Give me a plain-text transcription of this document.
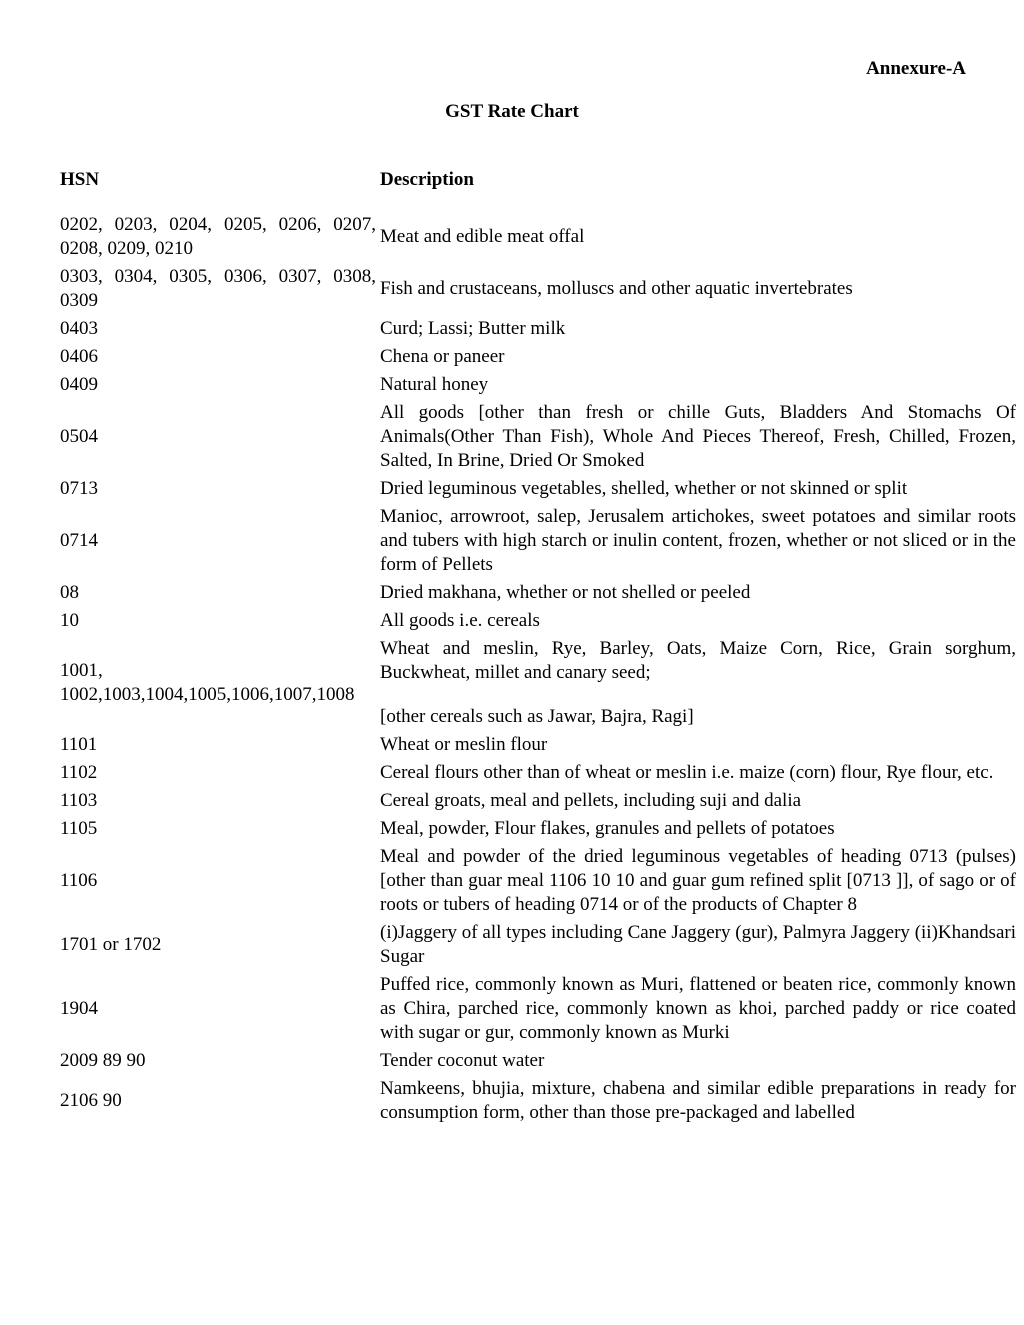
Annexure-A
GST Rate Chart
HSN	Description
0202, 0203, 0204, 0205, 0206, 0207, 0208, 0209, 0210	Meat and edible meat offal
0303, 0304, 0305, 0306, 0307, 0308, 0309	Fish and crustaceans, molluscs and other aquatic invertebrates
0403	Curd; Lassi; Butter milk
0406	Chena or paneer
0409	Natural honey
0504	All goods [other than fresh or chille Guts, Bladders And Stomachs Of Animals(Other Than Fish), Whole And Pieces Thereof, Fresh, Chilled, Frozen, Salted, In Brine, Dried Or Smoked
0713	Dried leguminous vegetables, shelled, whether or not skinned or split
0714	Manioc, arrowroot, salep, Jerusalem artichokes, sweet potatoes and similar roots and tubers with high starch or inulin content, frozen, whether or not sliced or in the form of Pellets
08	Dried makhana, whether or not shelled or peeled
10	All goods i.e. cereals
1001, 1002,1003,1004,1005,1006,1007,1008	Wheat and meslin, Rye, Barley, Oats, Maize Corn, Rice, Grain sorghum, Buckwheat, millet and canary seed;
[other cereals such as Jawar, Bajra, Ragi]

1101	Wheat or meslin flour
1102	Cereal flours other than of wheat or meslin i.e. maize (corn) flour, Rye flour, etc.
1103	Cereal groats, meal and pellets, including suji and dalia
1105	Meal, powder, Flour flakes, granules and pellets of potatoes
1106	Meal and powder of the dried leguminous vegetables of heading 0713 (pulses) [other than guar meal 1106 10 10 and guar gum refined split [0713 ]], of sago or of roots or tubers of heading 0714 or of the products of Chapter 8
1701 or 1702	(i)Jaggery of all types including Cane Jaggery (gur), Palmyra Jaggery (ii)Khandsari Sugar
1904	Puffed rice, commonly known as Muri, flattened or beaten rice, commonly known as Chira, parched rice, commonly known as khoi, parched paddy or rice coated with sugar or gur, commonly known as Murki
2009 89 90	Tender coconut water
2106 90	Namkeens, bhujia, mixture, chabena and similar edible preparations in ready for consumption form, other than those pre-packaged and labelled
